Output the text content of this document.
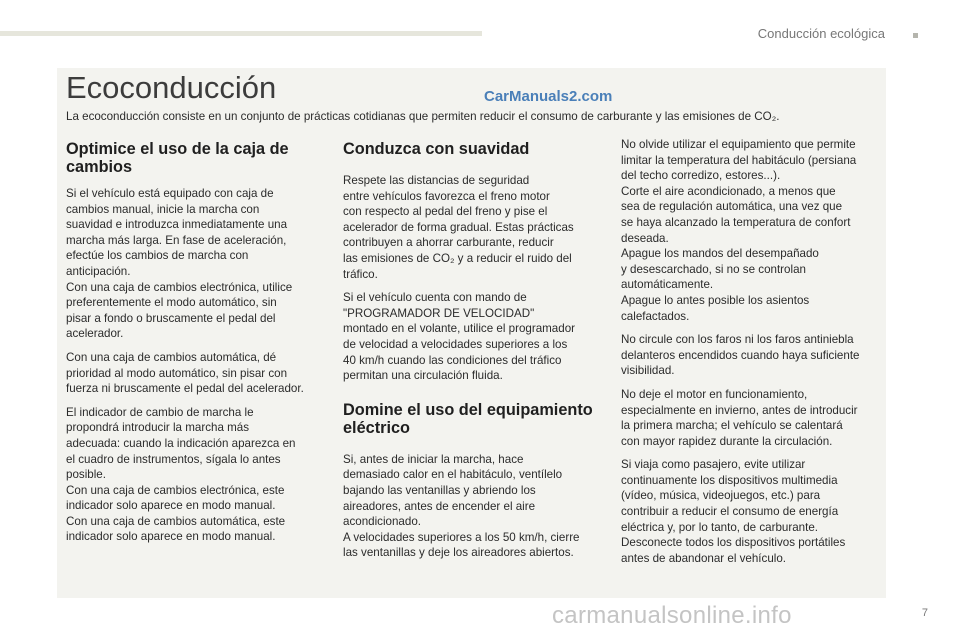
Conducción ecológica
Ecoconducción	CarManuals2.com
La ecoconducción consiste en un conjunto de prácticas cotidianas que permiten reducir el consumo de carburante y las emisiones de CO₂.
Optimice el uso de la caja de cambios

Si el vehículo está equipado con caja de
cambios manual, inicie la marcha con
suavidad e introduzca inmediatamente una
marcha más larga. En fase de aceleración,
efectúe los cambios de marcha con
anticipación.
Con una caja de cambios electrónica, utilice
preferentemente el modo automático, sin
pisar a fondo o bruscamente el pedal del
acelerador.

Con una caja de cambios automática, dé
prioridad al modo automático, sin pisar con
fuerza ni bruscamente el pedal del acelerador.

El indicador de cambio de marcha le
propondrá introducir la marcha más
adecuada: cuando la indicación aparezca en
el cuadro de instrumentos, sígala lo antes
posible.
Con una caja de cambios electrónica, este
indicador solo aparece en modo manual.
Con una caja de cambios automática, este
indicador solo aparece en modo manual.

Conduzca con suavidad

Respete las distancias de seguridad
entre vehículos favorezca el freno motor
con respecto al pedal del freno y pise el
acelerador de forma gradual. Estas prácticas
contribuyen a ahorrar carburante, reducir
las emisiones de CO₂ y a reducir el ruido del
tráfico.

Si el vehículo cuenta con mando de
"PROGRAMADOR DE VELOCIDAD"
montado en el volante, utilice el programador
de velocidad a velocidades superiores a los
40 km/h cuando las condiciones del tráfico
permitan una circulación fluida.

Domine el uso del equipamiento eléctrico

Si, antes de iniciar la marcha, hace
demasiado calor en el habitáculo, ventílelo
bajando las ventanillas y abriendo los
aireadores, antes de encender el aire
acondicionado.
A velocidades superiores a los 50 km/h, cierre
las ventanillas y deje los aireadores abiertos.

No olvide utilizar el equipamiento que permite
limitar la temperatura del habitáculo (persiana
del techo corredizo, estores...).
Corte el aire acondicionado, a menos que
sea de regulación automática, una vez que
se haya alcanzado la temperatura de confort
deseada.
Apague los mandos del desempañado
y desescarchado, si no se controlan
automáticamente.
Apague lo antes posible los asientos
calefactados.

No circule con los faros ni los faros antiniebla
delanteros encendidos cuando haya suficiente
visibilidad.

No deje el motor en funcionamiento,
especialmente en invierno, antes de introducir
la primera marcha; el vehículo se calentará
con mayor rapidez durante la circulación.

Si viaja como pasajero, evite utilizar
continuamente los dispositivos multimedia
(vídeo, música, videojuegos, etc.) para
contribuir a reducir el consumo de energía
eléctrica y, por lo tanto, de carburante.
Desconecte todos los dispositivos portátiles
antes de abandonar el vehículo.

carmanualsonline.info	7
